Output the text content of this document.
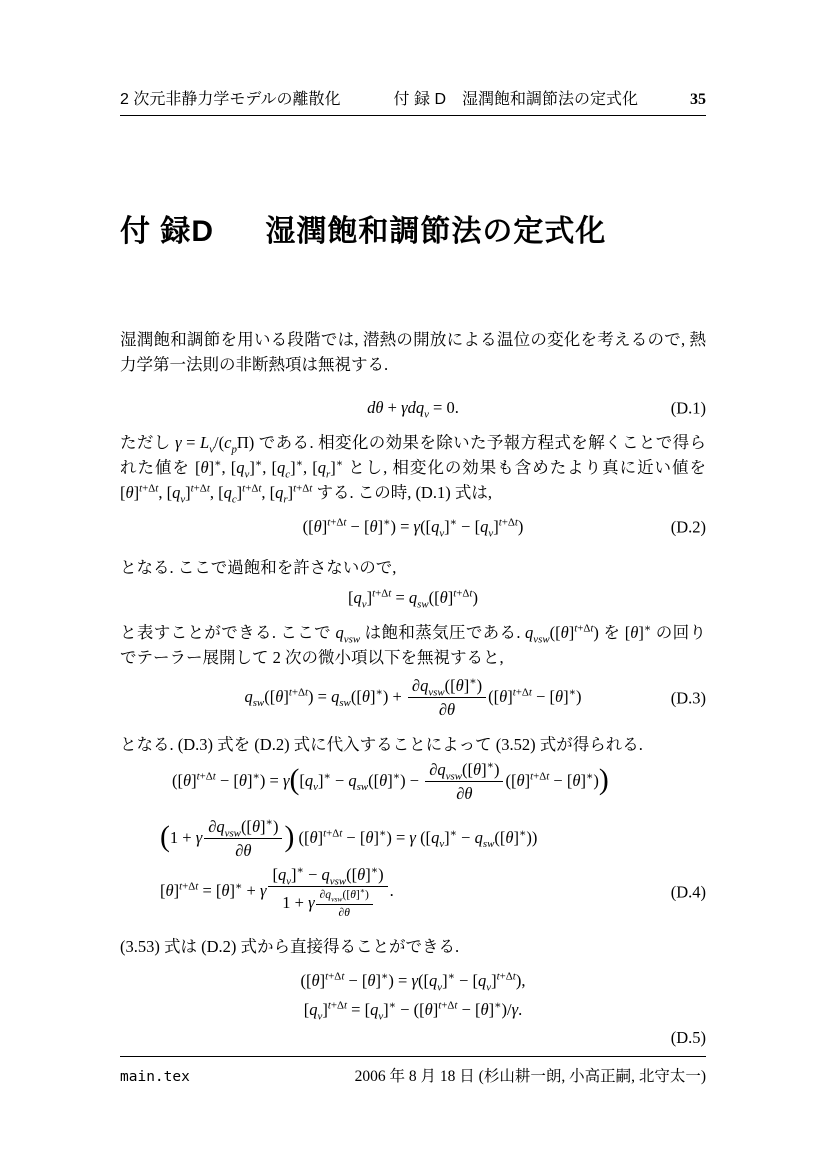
2 次元非静力学モデルの離散化	付 録 D　湿潤飽和調節法の定式化	35
付 録D 湿潤飽和調節法の定式化

湿潤飽和調節を用いる段階では, 潜熱の開放による温位の変化を考えるので, 熱力学第一法則の非断熱項は無視する.

dθ + γdq$_v$ = 0.	(D.1)

ただし $\gamma = L_v/(c_p\Pi)$ である. 相変化の効果を除いた予報方程式を解くことで得られた値を [θ]∗, $[q_v]^∗$, $[q_c]^∗$, $[q_r]^∗$ とし, 相変化の効果も含めたより真に近い値を $[\theta]^{t+\Delta t}$, $[q_v]^{t+\Delta t}$, $[q_c]^{t+\Delta t}$, $[q_r]^{t+\Delta t}$ する. この時, (D.1) 式は,

$([\theta]^{t+\Delta t} - [\theta]^∗) = \gamma([q_v]^∗ - [q_v]^{t+\Delta t})$	(D.2)

となる. ここで過飽和を許さないので,

$[q_v]^{t+\Delta t} = q_{sw}([\theta]^{t+\Delta t})$

と表すことができる. ここで $q_{vsw}$ は飽和蒸気圧である. $q_{vsw}([\theta]^{t+\Delta t})$ を [θ]∗ の回りでテーラー展開して 2 次の微小項以下を無視すると,

$q_{sw}([\theta]^{t+\Delta t}) = q_{sw}([\theta]^∗) + \frac{\partial q_{vsw}([\theta]^∗)}{\partial\theta} ([\theta]^{t+\Delta t} - [\theta]^∗)$	(D.3)

となる. (D.3) 式を (D.2) 式に代入することによって (3.52) 式が得られる.

$([\theta]^{t+\Delta t} - [\theta]^∗) = \gamma([q_v]^∗ - q_{sw}([\theta]^∗) - \frac{\partial q_{vsw}([\theta]^∗)}{\partial\theta} ([\theta]^{t+\Delta t} - [\theta]^∗))$
(1 + γ $\frac{\partial q_{vsw}([\theta]^∗)}{\partial\theta}$ ) $([\theta]^{t+\Delta t} - [\theta]^∗) = \gamma$ $([q_v]^∗ - q_{sw}([\theta]^∗))$
$[\theta]^{t+\Delta t} = [\theta]^∗ + \gamma \frac{[q_v]^∗ - q_{vsw}([\theta]^∗)}{1 + \gamma \frac{\partial q_{vsw}([\theta]^∗)}{\partial\theta}}$ .	(D.4)

(3.53) 式は (D.2) 式から直接得ることができる.

$([\theta]^{t+\Delta t} - [\theta]^∗) = \gamma([q_v]^∗ - [q_v]^{t+\Delta t})$,
$[q_v]^{t+\Delta t} = [q_v]^∗ - ([\theta]^{t+\Delta t} - [\theta]^∗)/\gamma$.
(D.5)
main.tex	2006 年 8 月 18 日 (杉山耕一朗, 小高正嗣, 北守太一)
